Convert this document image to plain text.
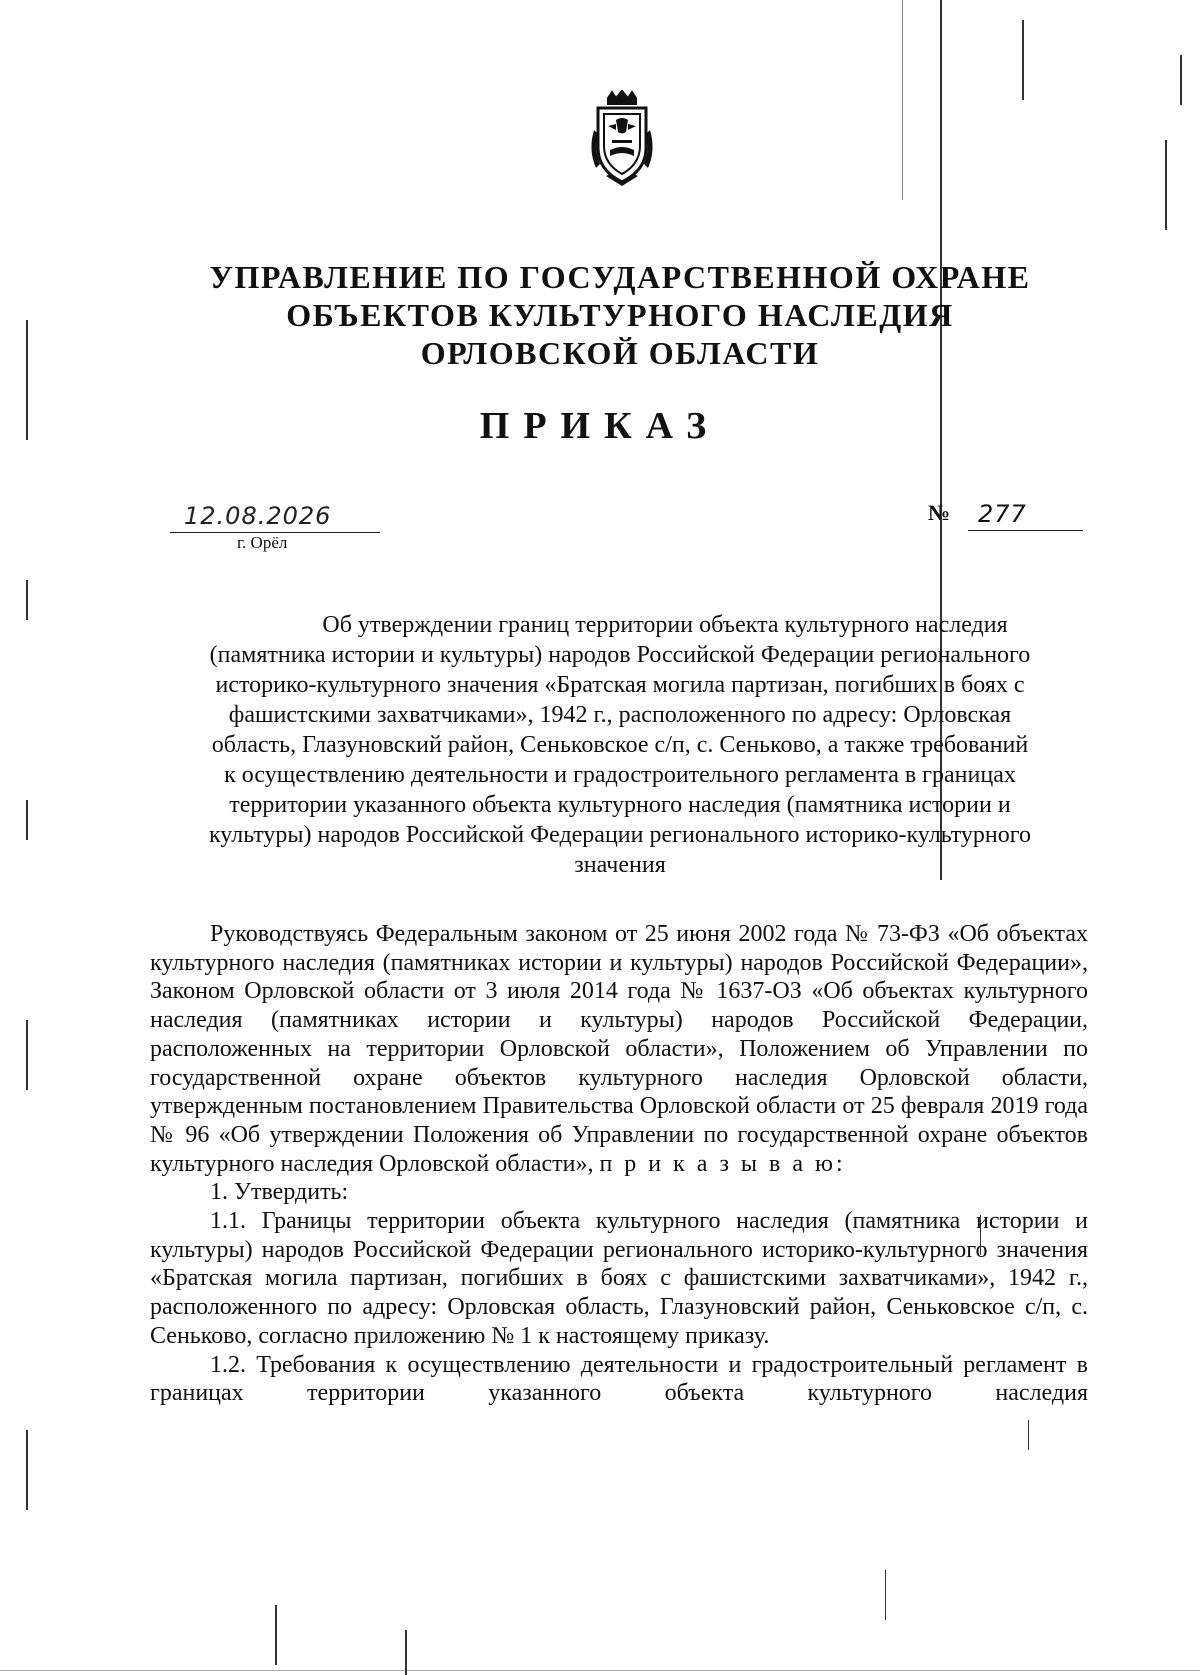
УПРАВЛЕНИЕ ПО ГОСУДАРСТВЕННОЙ ОХРАНЕ
ОБЪЕКТОВ КУЛЬТУРНОГО НАСЛЕДИЯ
ОРЛОВСКОЙ ОБЛАСТИ
ПРИКАЗ
12.08.2026
г. Орёл
№	277
Об утверждении границ территории объекта культурного наследия
(памятника истории и культуры) народов Российской Федерации регионального
историко-культурного значения «Братская могила партизан, погибших в боях с
фашистскими захватчиками», 1942 г., расположенного по адресу: Орловская
область, Глазуновский район, Сеньковское с/п, с. Сеньково, а также требований
к осуществлению деятельности и градостроительного регламента в границах
территории указанного объекта культурного наследия (памятника истории и
культуры) народов Российской Федерации регионального историко-культурного
значения

Руководствуясь Федеральным законом от 25 июня 2002 года № 73-ФЗ «Об объектах культурного наследия (памятниках истории и культуры) народов Российской Федерации», Законом Орловской области от 3 июля 2014 года № 1637-ОЗ «Об объектах культурного наследия (памятниках истории и культуры) народов Российской Федерации, расположенных на территории Орловской области», Положением об Управлении по государственной охране объектов культурного наследия Орловской области, утвержденным постановлением Правительства Орловской области от 25 февраля 2019 года № 96 «Об утверждении Положения об Управлении по государственной охране объектов культурного наследия Орловской области», п р и к а з ы в а ю:

1. Утвердить:

1.1. Границы территории объекта культурного наследия (памятника истории и культуры) народов Российской Федерации регионального историко-культурного значения «Братская могила партизан, погибших в боях с фашистскими захватчиками», 1942 г., расположенного по адресу: Орловская область, Глазуновский район, Сеньковское с/п, с. Сеньково, согласно приложению № 1 к настоящему приказу.

1.2. Требования к осуществлению деятельности и градостроительный регламент в границах территории указанного объекта культурного наследия
